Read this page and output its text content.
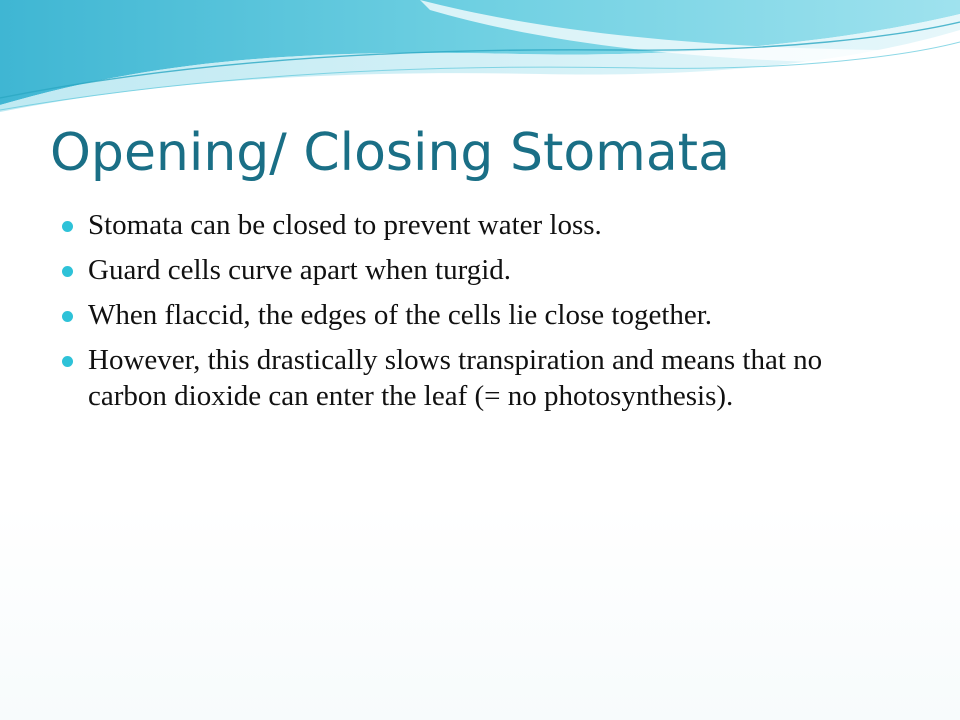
Opening/ Closing Stomata
Stomata can be closed to prevent water loss.
Guard cells curve apart when turgid.
When flaccid, the edges of the cells lie close together.
However, this drastically slows transpiration and means that no carbon dioxide can enter the leaf (= no photosynthesis).
